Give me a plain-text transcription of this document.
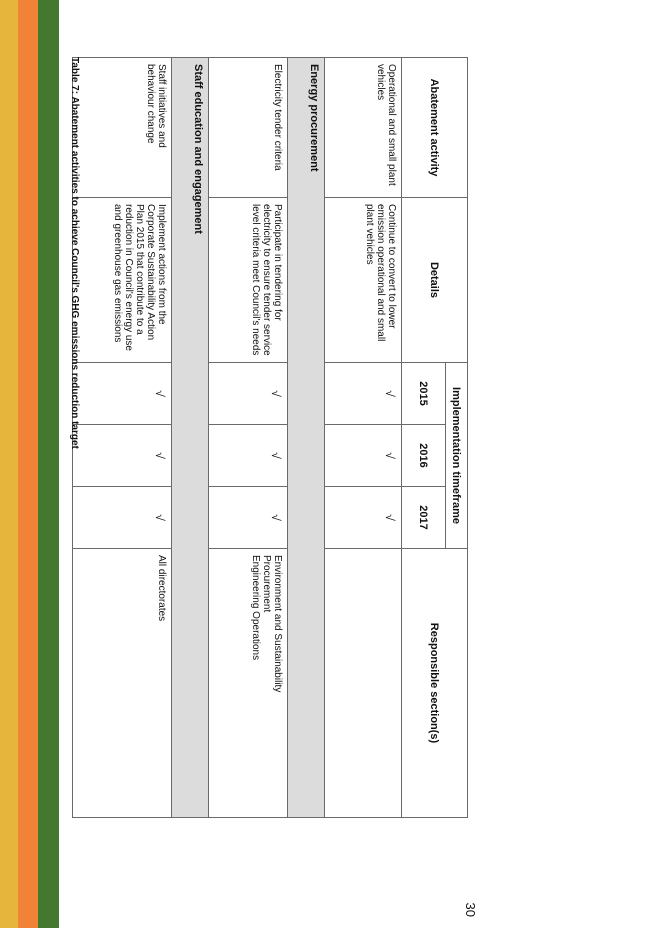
Abatement activity	Details	Implementation timeframe			Responsible section(s)
		2015	2016	2017	
Operational and small plant vehicles	Continue to convert to lower emission operational and small plant vehicles	√	√	√	
Energy procurement					
Electricity tender criteria	Participate in tendering for electricity to ensure tender service level criteria meet Council's needs	√	√	√	Environment and Sustainability
Procurement
Engineering Operations

Staff education and engagement					
Staff initiatives and behaviour change	Implement actions from the Corporate Sustainability Action Plan 2015 that contribute to a reduction in Council's energy use and greenhouse gas emissions	√	√	√	All directorates
Table 7: Abatement activities to achieve Council's GHG emissions reduction target
30
